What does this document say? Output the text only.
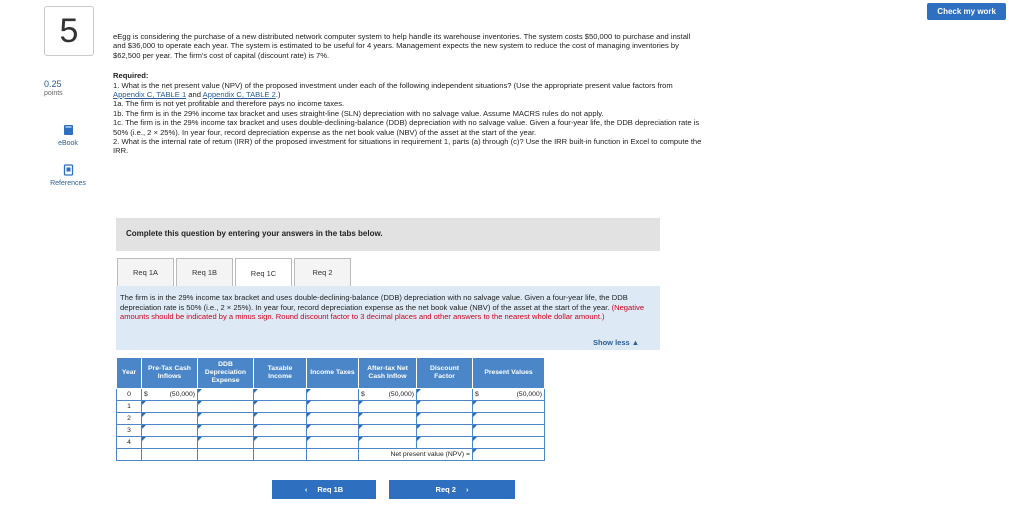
5
0.25
points
eBook
References
Check my work

eEgg is considering the purchase of a new distributed network computer system to help handle its warehouse inventories. The system costs $50,000 to purchase and install and $36,000 to operate each year. The system is estimated to be useful for 4 years. Management expects the new system to reduce the cost of managing inventories by $62,500 per year. The firm's cost of capital (discount rate) is 7%.

Required:

1. What is the net present value (NPV) of the proposed investment under each of the following independent situations? (Use the appropriate present value factors from Appendix C, TABLE 1 and Appendix C, TABLE 2.)

1a. The firm is not yet profitable and therefore pays no income taxes.

1b. The firm is in the 29% income tax bracket and uses straight-line (SLN) depreciation with no salvage value. Assume MACRS rules do not apply.

1c. The firm is in the 29% income tax bracket and uses double-declining-balance (DDB) depreciation with no salvage value. Given a four-year life, the DDB depreciation rate is 50% (i.e., 2 × 25%). In year four, record depreciation expense as the net book value (NBV) of the asset at the start of the year.

2. What is the internal rate of return (IRR) of the proposed investment for situations in requirement 1, parts (a) through (c)? Use the IRR built-in function in Excel to compute the IRR.

Complete this question by entering your answers in the tabs below.
Req 1A	Req 1B	Req 1C	Req 2
The firm is in the 29% income tax bracket and uses double-declining-balance (DDB) depreciation with no salvage value. Given a four-year life, the DDB depreciation rate is 50% (i.e., 2 × 25%). In year four, record depreciation expense as the net book value (NBV) of the asset at the start of the year. (Negative amounts should be indicated by a minus sign. Round discount factor to 3 decimal places and other answers to the nearest whole dollar amount.)
Show less ▲
Year	Pre-Tax Cash Inflows	DDB Depreciation Expense	Taxable Income	Income Taxes	After-tax Net Cash Inflow	Discount Factor	Present Values
0	$ (50,000)				$ (50,000)		$ (50,000)

1							
2							
3							
4							
					Net present value (NPV) =		
‹ Req 1B	Req 2 ›
